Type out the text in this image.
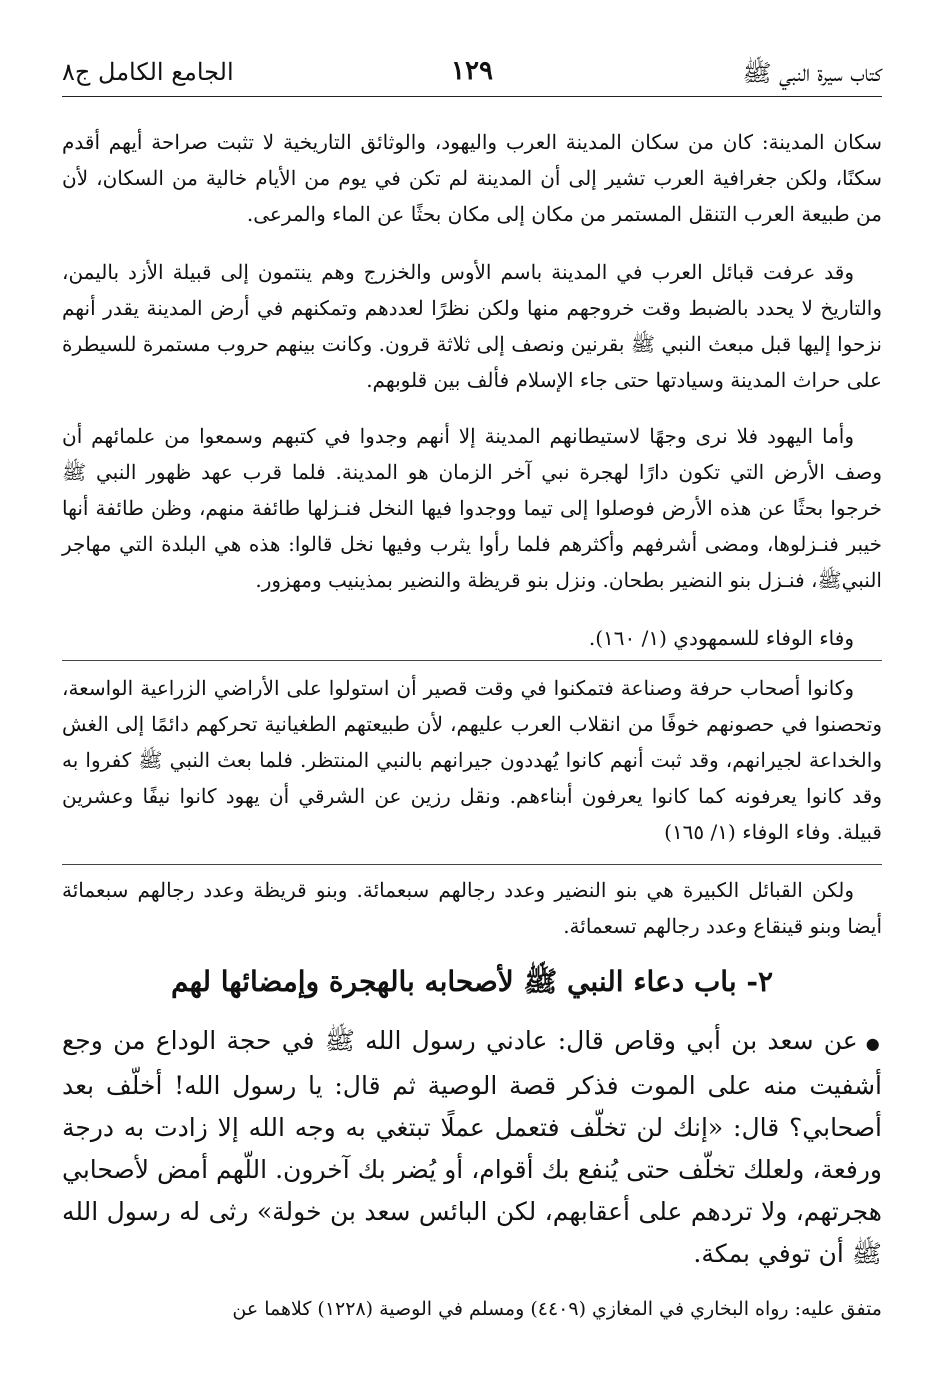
كتاب سيرة النبي ﷺ
١٢٩
الجامع الكامل ج٨

سكان المدينة: كان من سكان المدينة العرب واليهود، والوثائق التاريخية لا تثبت صراحة أيهم أقدم سكنًا، ولكن جغرافية العرب تشير إلى أن المدينة لم تكن في يوم من الأيام خالية من السكان، لأن من طبيعة العرب التنقل المستمر من مكان إلى مكان بحثًا عن الماء والمرعى.

وقد عرفت قبائل العرب في المدينة باسم الأوس والخزرج وهم ينتمون إلى قبيلة الأزد باليمن، والتاريخ لا يحدد بالضبط وقت خروجهم منها ولكن نظرًا لعددهم وتمكنهم في أرض المدينة يقدر أنهم نزحوا إليها قبل مبعث النبي ﷺ بقرنين ونصف إلى ثلاثة قرون. وكانت بينهم حروب مستمرة للسيطرة على حراث المدينة وسيادتها حتى جاء الإسلام فألف بين قلوبهم.

وأما اليهود فلا نرى وجهًا لاستيطانهم المدينة إلا أنهم وجدوا في كتبهم وسمعوا من علمائهم أن وصف الأرض التي تكون دارًا لهجرة نبي آخر الزمان هو المدينة. فلما قرب عهد ظهور النبي ﷺ خرجوا بحثًا عن هذه الأرض فوصلوا إلى تيما ووجدوا فيها النخل فنـزلها طائفة منهم، وظن طائفة أنها خيبر فنـزلوها، ومضى أشرفهم وأكثرهم فلما رأوا يثرب وفيها نخل قالوا: هذه هي البلدة التي مهاجر النبيﷺ، فنـزل بنو النضير بطحان. ونزل بنو قريظة والنضير بمذينيب ومهزور.

وفاء الوفاء للسمهودي (١/ ١٦٠).

وكانوا أصحاب حرفة وصناعة فتمكنوا في وقت قصير أن استولوا على الأراضي الزراعية الواسعة، وتحصنوا في حصونهم خوفًا من انقلاب العرب عليهم، لأن طبيعتهم الطغيانية تحركهم دائمًا إلى الغش والخداعة لجيرانهم، وقد ثبت أنهم كانوا يُهددون جيرانهم بالنبي المنتظر. فلما بعث النبي ﷺ كفروا به وقد كانوا يعرفونه كما كانوا يعرفون أبناءهم. ونقل رزين عن الشرقي أن يهود كانوا نيفًا وعشرين قبيلة. وفاء الوفاء (١/ ١٦٥)

ولكن القبائل الكبيرة هي بنو النضير وعدد رجالهم سبعمائة. وبنو قريظة وعدد رجالهم سبعمائة أيضا وبنو قينقاع وعدد رجالهم تسعمائة.

٢- باب دعاء النبي ﷺ لأصحابه بالهجرة وإمضائها لهم

●عن سعد بن أبي وقاص قال: عادني رسول الله ﷺ في حجة الوداع من وجع أشفيت منه على الموت فذكر قصة الوصية ثم قال: يا رسول الله! أخلّف بعد أصحابي؟ قال: «إنك لن تخلّف فتعمل عملًا تبتغي به وجه الله إلا زادت به درجة ورفعة، ولعلك تخلّف حتى يُنفع بك أقوام، أو يُضر بك آخرون. اللّهم أمض لأصحابي هجرتهم، ولا تردهم على أعقابهم، لكن البائس سعد بن خولة» رثى له رسول الله ﷺ أن توفي بمكة.

متفق عليه: رواه البخاري في المغازي (٤٤٠٩) ومسلم في الوصية (١٢٢٨) كلاهما عن
